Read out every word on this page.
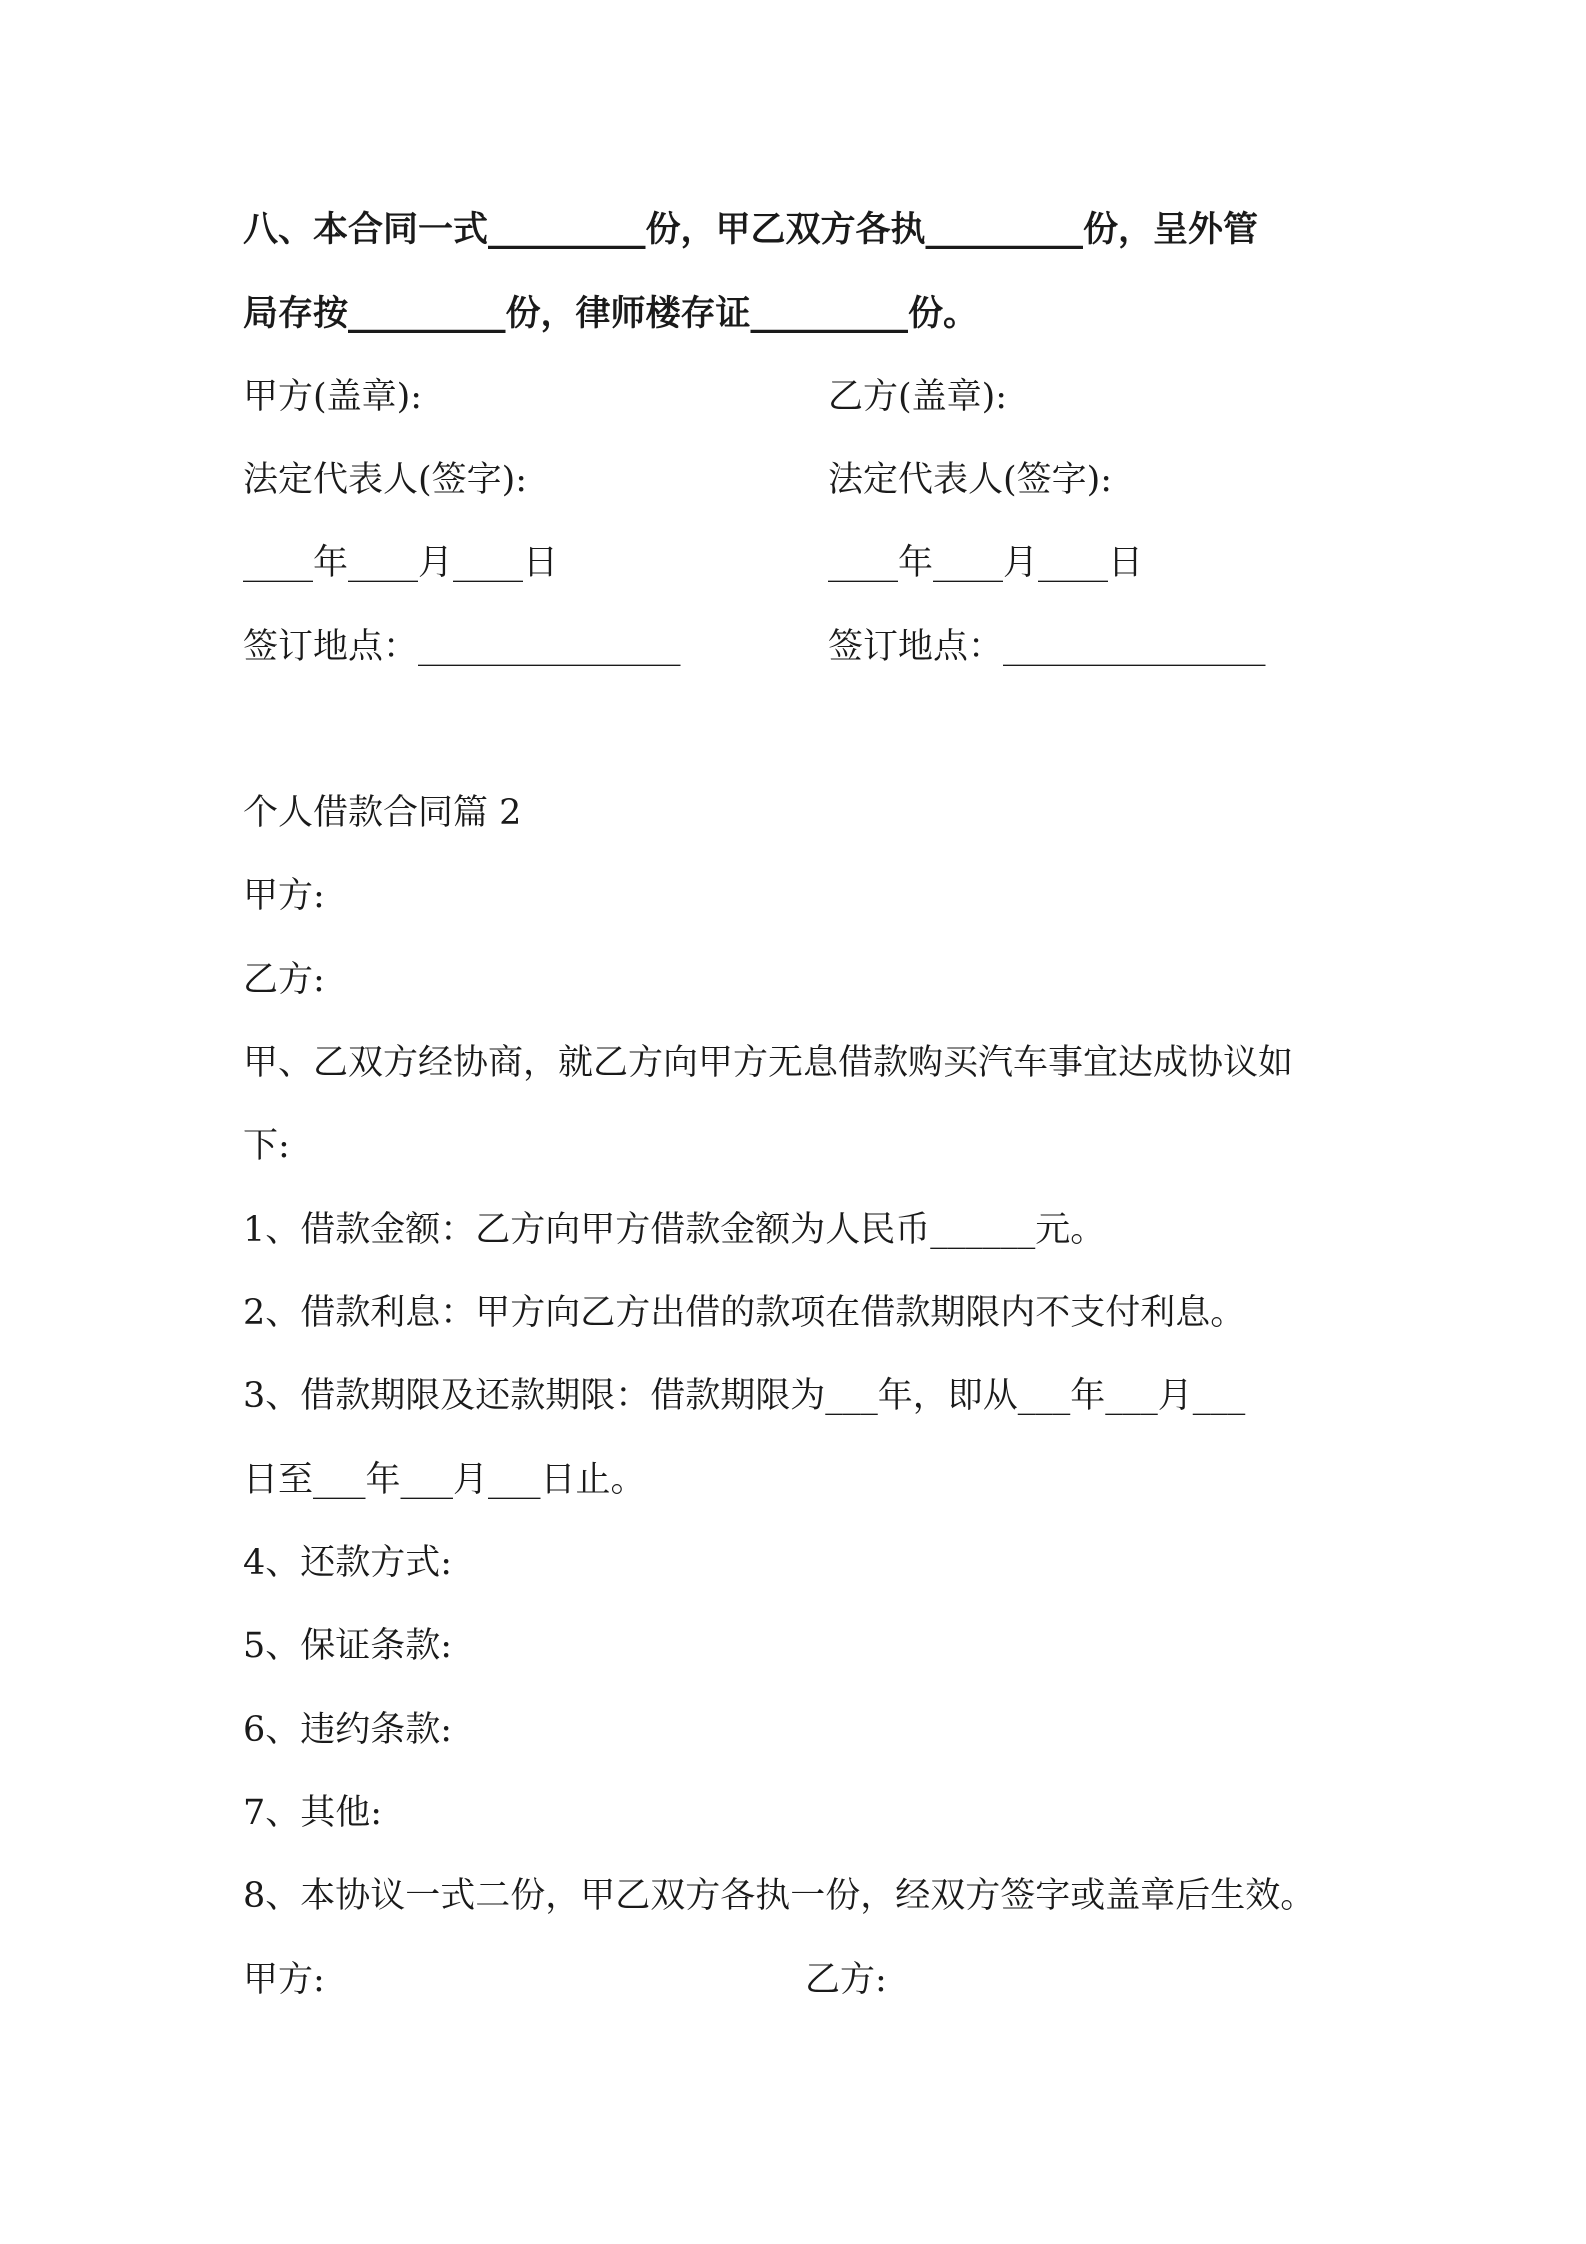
八、本合同一式_________份，甲乙双方各执_________份，呈外管
局存按_________份，律师楼存证_________份。
甲方(盖章):	乙方(盖章):
法定代表人(签字):	法定代表人(签字):
____年____月____日	____年____月____日
签订地点：_______________	签订地点：_______________
个人借款合同篇 2
甲方:
乙方:
甲、乙双方经协商，就乙方向甲方无息借款购买汽车事宜达成协议如
下:
1、借款金额：乙方向甲方借款金额为人民币______元。
2、借款利息：甲方向乙方出借的款项在借款期限内不支付利息。
3、借款期限及还款期限：借款期限为___年，即从___年___月___
日至___年___月___日止。
4、还款方式:
5、保证条款:
6、违约条款:
7、其他:
8、本协议一式二份，甲乙双方各执一份，经双方签字或盖章后生效。
甲方:	乙方:
